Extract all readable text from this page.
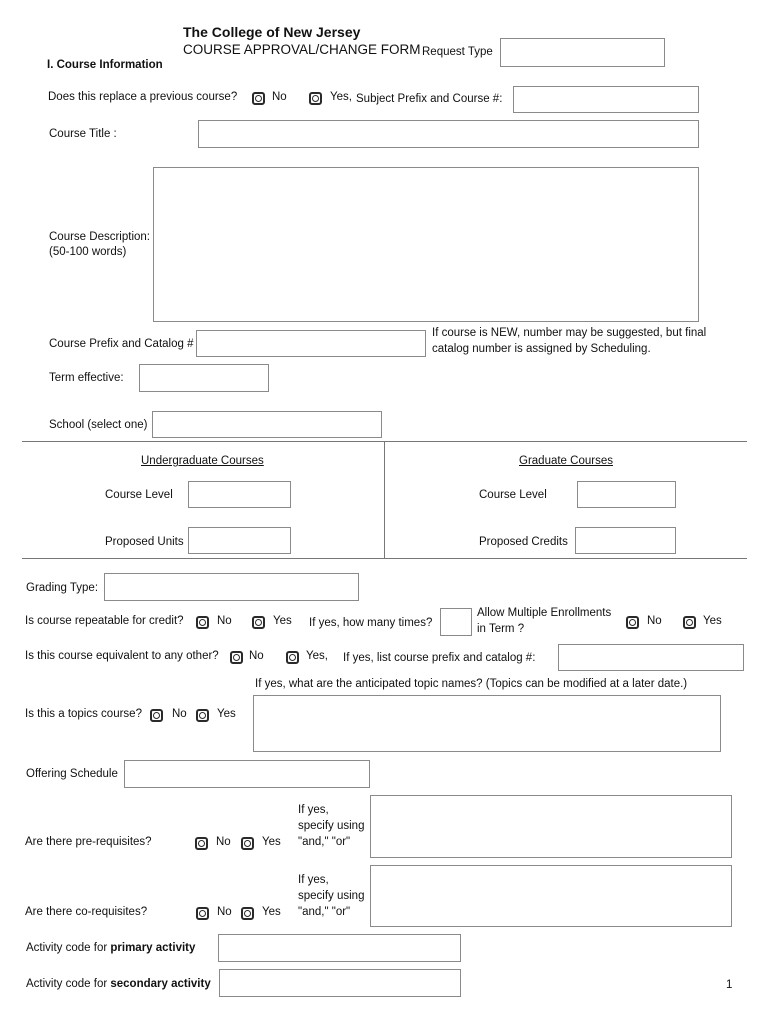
The College of New Jersey
COURSE APPROVAL/CHANGE FORM Request Type
I. Course Information
Does this replace a previous course?	No	Yes, Subject Prefix and Course #:
Course Title :
Course Description:
(50-100 words)
Course Prefix and Catalog #
If course is NEW, number may be suggested, but final
catalog number is assigned by Scheduling.
Term effective:
School (select one)
Undergraduate Courses
Course Level
Proposed Units
Graduate Courses
Course Level
Proposed Credits
Grading Type:
Is course repeatable for credit?	No	Yes If yes, how many times?
Allow Multiple Enrollments
in Term ?
No	Yes
Is this course equivalent to any other?	No	Yes, If yes, list course prefix and catalog #:
If yes, what are the anticipated topic names? (Topics can be modified at a later date.)
Is this a topics course?	No	Yes
Offering Schedule
If yes,
specify using
"and," "or"
Are there pre-requisites?	No	Yes
If yes,
specify using
"and," "or"
Are there co-requisites?	No	Yes
Activity code for primary activity
Activity code for secondary activity	1
